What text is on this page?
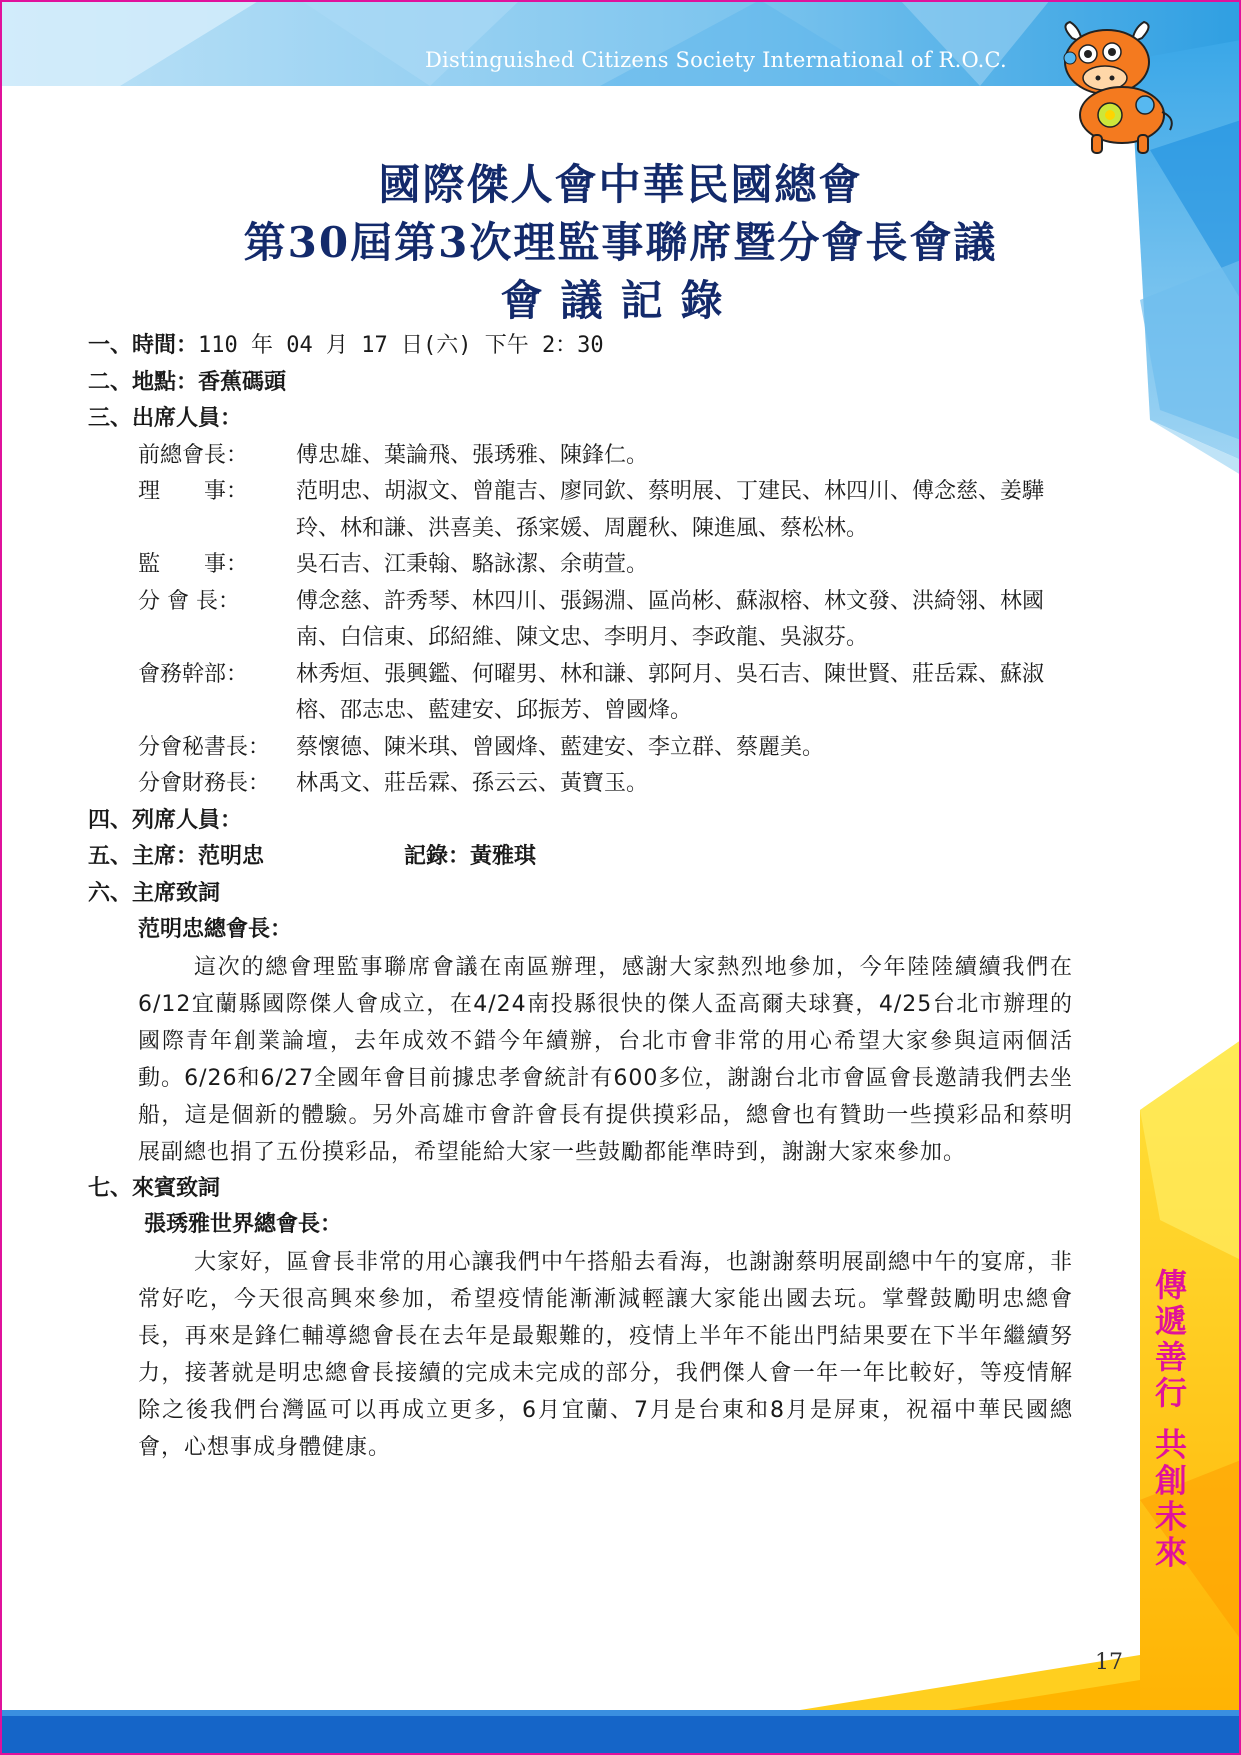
Distinguished Citizens Society International of R.O.C.
國際傑人會中華民國總會
第30屆第3次理監事聯席暨分會長會議
會議記錄
一、時間：110 年 04 月 17 日(六) 下午 2：30
二、地點：香蕉碼頭
三、出席人員：
前總會長：	傅忠雄、葉論飛、張琇雅、陳鋒仁。
理　　事：	范明忠、胡淑文、曾龍吉、廖同欽、蔡明展、丁建民、林四川、傅念慈、姜驊玲、林和謙、洪喜美、孫寀媛、周麗秋、陳進風、蔡松林。
監　　事：	吳石吉、江秉翰、駱詠潔、余萌萱。
分 會 長：	傅念慈、許秀琴、林四川、張錫淵、區尚彬、蘇淑榕、林文發、洪綺翎、林國南、白信東、邱紹維、陳文忠、李明月、李政龍、吳淑芬。
會務幹部：	林秀烜、張興鑑、何曜男、林和謙、郭阿月、吳石吉、陳世賢、莊岳霖、蘇淑榕、邵志忠、藍建安、邱振芳、曾國烽。
分會秘書長：	蔡懷德、陳米琪、曾國烽、藍建安、李立群、蔡麗美。
分會財務長：	林禹文、莊岳霖、孫云云、黃寶玉。
四、列席人員：
五、主席：范明忠	記錄：黃雅琪
六、主席致詞
范明忠總會長：
這次的總會理監事聯席會議在南區辦理，感謝大家熱烈地參加，今年陸陸續續我們在6/12宜蘭縣國際傑人會成立，在4/24南投縣很快的傑人盃高爾夫球賽，4/25台北市辦理的國際青年創業論壇，去年成效不錯今年續辦，台北市會非常的用心希望大家參與這兩個活動。6/26和6/27全國年會目前據忠孝會統計有600多位，謝謝台北市會區會長邀請我們去坐船，這是個新的體驗。另外高雄市會許會長有提供摸彩品，總會也有贊助一些摸彩品和蔡明展副總也捐了五份摸彩品，希望能給大家一些鼓勵都能準時到，謝謝大家來參加。
七、來賓致詞
張琇雅世界總會長：
大家好，區會長非常的用心讓我們中午搭船去看海，也謝謝蔡明展副總中午的宴席，非常好吃，今天很高興來參加，希望疫情能漸漸減輕讓大家能出國去玩。掌聲鼓勵明忠總會長，再來是鋒仁輔導總會長在去年是最艱難的，疫情上半年不能出門結果要在下半年繼續努力，接著就是明忠總會長接續的完成未完成的部分，我們傑人會一年一年比較好，等疫情解除之後我們台灣區可以再成立更多，6月宜蘭、7月是台東和8月是屏東，祝福中華民國總會，心想事成身體健康。	傳遞善行 共創未來
17
